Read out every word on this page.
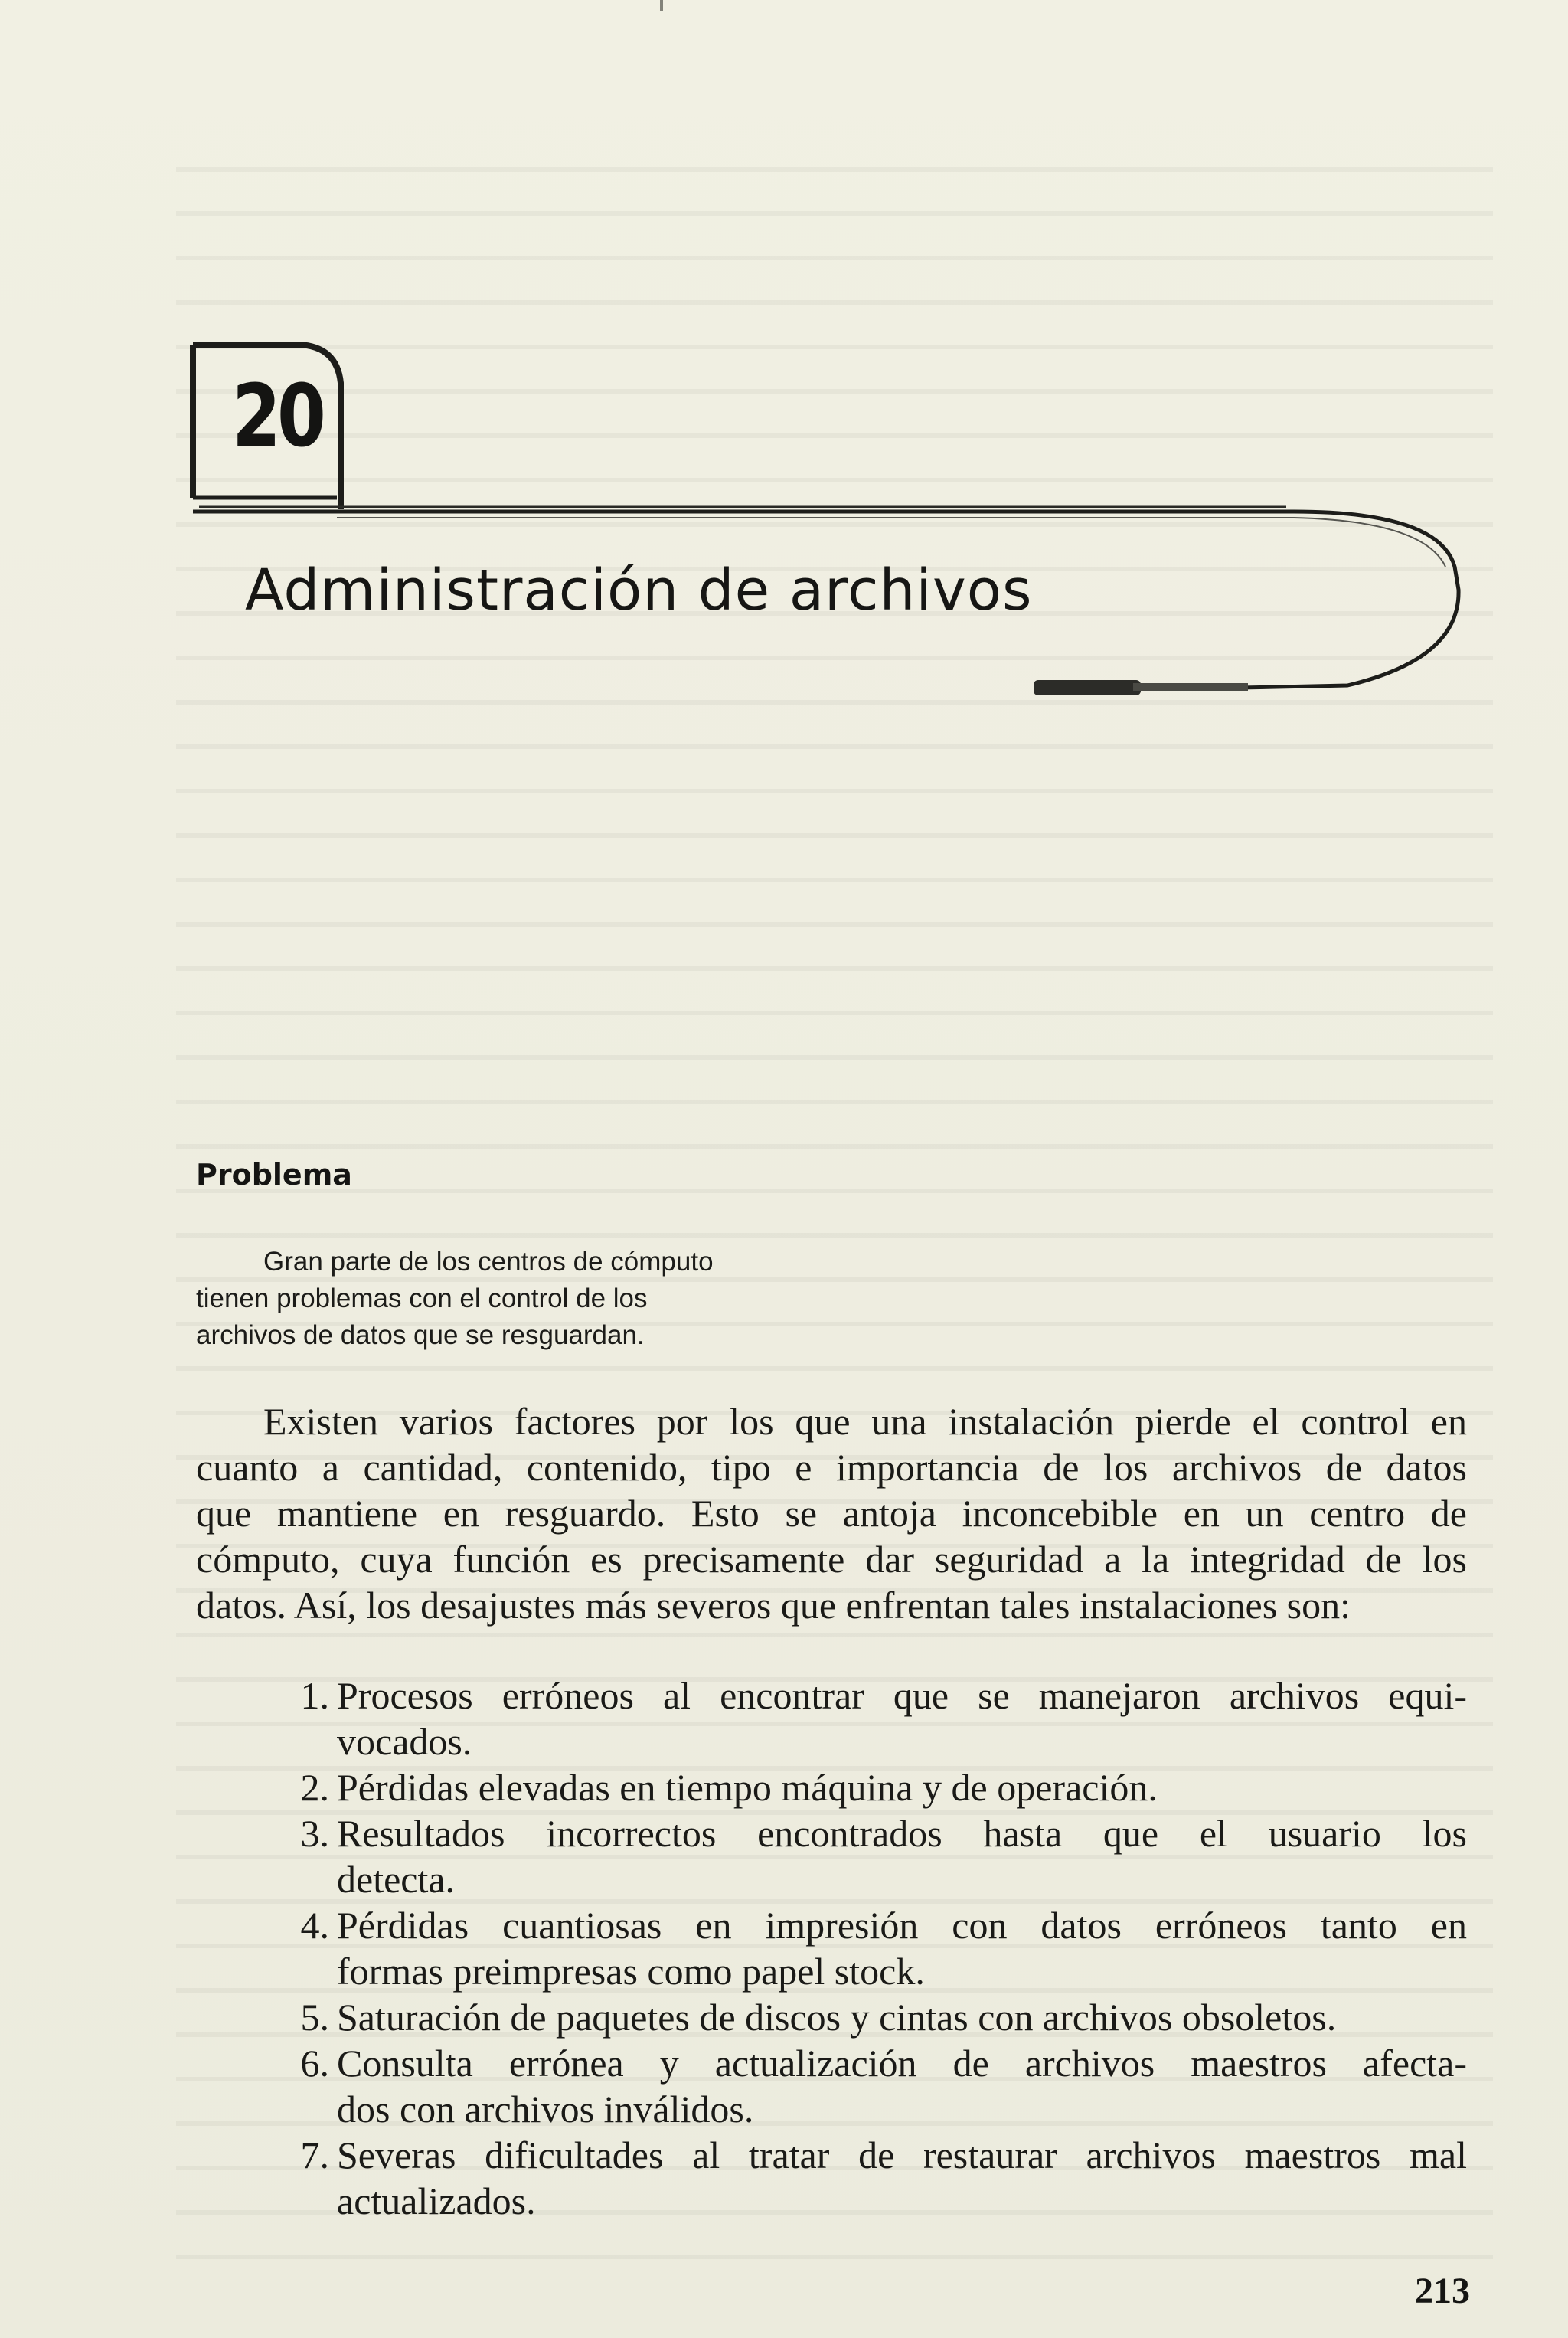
20
Administración de archivos
Problema
Gran parte de los centros de cómputo
tienen problemas con el control de los
archivos de datos que se resguardan.
Existen varios factores por los que una instalación pierde el control en
cuanto a cantidad, contenido, tipo e importancia de los archivos de datos
que mantiene en resguardo. Esto se antoja inconcebible en un centro de
cómputo, cuya función es precisamente dar seguridad a la integridad de los
datos. Así, los desajustes más severos que enfrentan tales instalaciones son:
1. Procesos erróneos al encontrar que se manejaron archivos equi-
vocados.
2. Pérdidas elevadas en tiempo máquina y de operación.
3. Resultados incorrectos encontrados hasta que el usuario los
detecta.
4. Pérdidas cuantiosas en impresión con datos erróneos tanto en
formas preimpresas como papel stock.
5. Saturación de paquetes de discos y cintas con archivos obsoletos.
6. Consulta errónea y actualización de archivos maestros afecta-
dos con archivos inválidos.
7. Severas dificultades al tratar de restaurar archivos maestros mal
actualizados.
213
